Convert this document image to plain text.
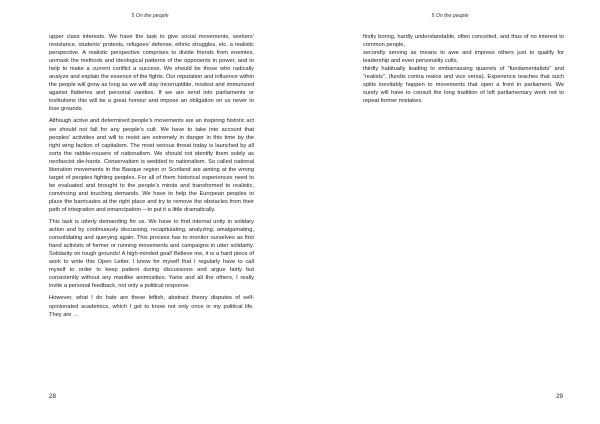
5 On the people

upper class interests. We have the task to give social movements, workers’ resistance, students’ protests, refugees’ defense, ethnic struggles, etc. a realistic perspective. A realistic perspective comprises to divide friends from enemies, unmask the methods and ideological patterns of the opponents in power, and to help to make a current conflict a success. We should be those who radically analyze and explain the essence of the fights. Our reputation and influence within the people will grow as long as we will stay incorruptible, modest and immunized against flatteries and personal vanities. If we are send into parliaments or institutions this will be a great honour and impose an obligation on us never to lose grounds.

Although active and determined people’s movements are an inspiring historic act we should not fall for any people’s cult. We have to take into account that peoples’ activities and will to resist are extremely in danger in this time by the right wing faction of capitalism. The most serious threat today is launched by all sorts the rabble-rousers of nationalism. We should not identify them solely as neofascist die-hards. Conservatism is wedded to nationalism. So called national liberation movements in the Basque region or Scotland are aiming at the wrong target of peoples fighting peoples. For all of them historical experiences need to be evaluated and brought to the people’s minds and transformed to realistic, convincing and touching demands. We have to help the European peoples to place the barricades at the right place and try to remove the obstacles from their path of integration and emancipation – to put it a little dramatically.

This task is utterly demanding for us. We have to find internal unity in solidary action and by continuously discussing, recapitulating, analyzing, amalgamating, consolidating and querying again. This process has to monitor ourselves as first hand activists of former or running movements and campaigns in utter solidarity. Solidarity on tough grounds! A high-minded goal! Believe me, it is a hard piece of work to write this Open Letter. I know for myself that I regularly have to call myself to order to keep patient during discussions and argue fairly but consistently without any manlike animosities. Yanis and all the others, I really invite a personal feedback, not only a political response.

However, what I do hate are these leftish, abstract theory disputes of self-opinionated academics, which I got to know not only once in my political life. They are …

28
5 On the people

firstly boring, hardly understandable, often conceited, and thus of no interest to common people,

secondly serving as means to awe and impress others just to qualify for leadership and even personality cults,

thirdly habitually leading to embarrassing quarrels of “fundamentalists” and “realists”, (fundis contra realos and vice versa). Experience teaches that such splits inevitably happen to movements that open a front in parliament. We surely will have to consult the long tradition of left parliamentary work not to repeat former mistakes.

29
